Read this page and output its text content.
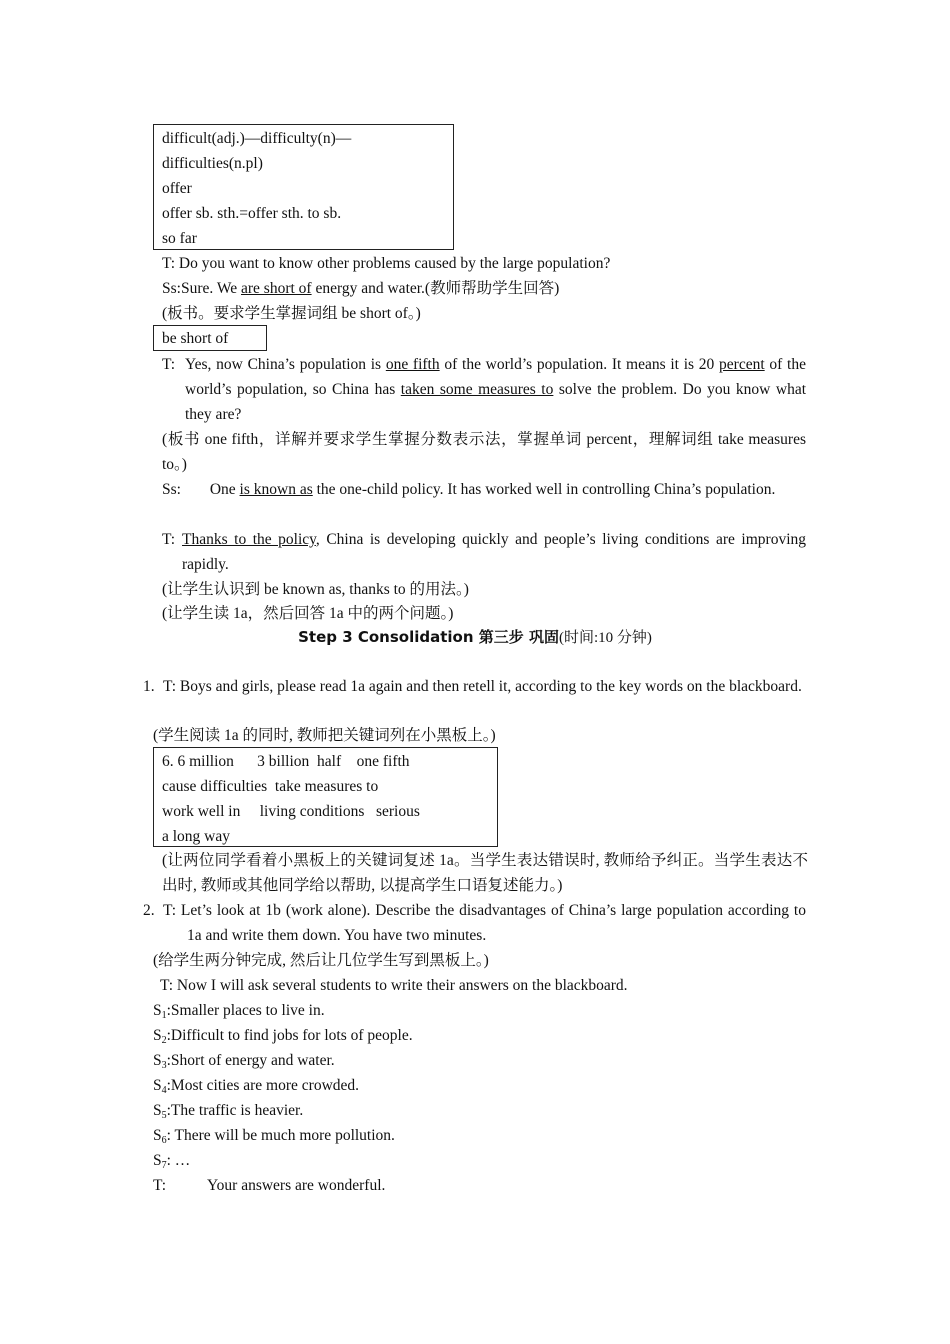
difficult(adj.)—difficulty(n)—
difficulties(n.pl)
offer
offer sb. sth.=offer sth. to sb.
so far
T: Do you want to know other problems caused by the large population?
Ss:Sure. We are short of energy and water.(教师帮助学生回答)
(板书。要求学生掌握词组 be short of。)
be short of
T: Yes, now China’s population is one fifth of the world’s population. It means it is 20 percent of the world’s population, so China has taken some measures to solve the problem. Do you know what they are?
(板书 one fifth，详解并要求学生掌握分数表示法，掌握单词 percent，理解词组 take measures to。)
Ss: One is known as the one-child policy. It has worked well in controlling China’s population.
T: Thanks to the policy, China is developing quickly and people’s living conditions are improving rapidly.
(让学生认识到 be known as, thanks to 的用法。)
(让学生读 1a，然后回答 1a 中的两个问题。)
Step 3 Consolidation 第三步 巩固(时间:10 分钟)
1. T: Boys and girls, please read 1a again and then retell it, according to the key words on the blackboard.
(学生阅读 1a 的同时, 教师把关键词列在小黑板上。)
6. 6 million      3 billion  half    one fifth
cause difficulties  take measures to
work well in     living conditions   serious
a long way
(让两位同学看着小黑板上的关键词复述 1a。当学生表达错误时, 教师给予纠正。当学生表达不出时, 教师或其他同学给以帮助, 以提高学生口语复述能力。)
2. T: Let’s look at 1b (work alone). Describe the disadvantages of China’s large population according to 1a and write them down. You have two minutes.
(给学生两分钟完成, 然后让几位学生写到黑板上。)
T: Now I will ask several students to write their answers on the blackboard.
$S_1:Smaller$ places to live in.
$S_2:Difficult$ to find jobs for lots of people.
$S_3:Short$ of energy and water.
$S_4:Most$ cities are more crowded.
$S_5:The$ traffic is heavier.
$S_6$: There will be much more pollution.
$S_7$: …
T:	Your answers are wonderful.
